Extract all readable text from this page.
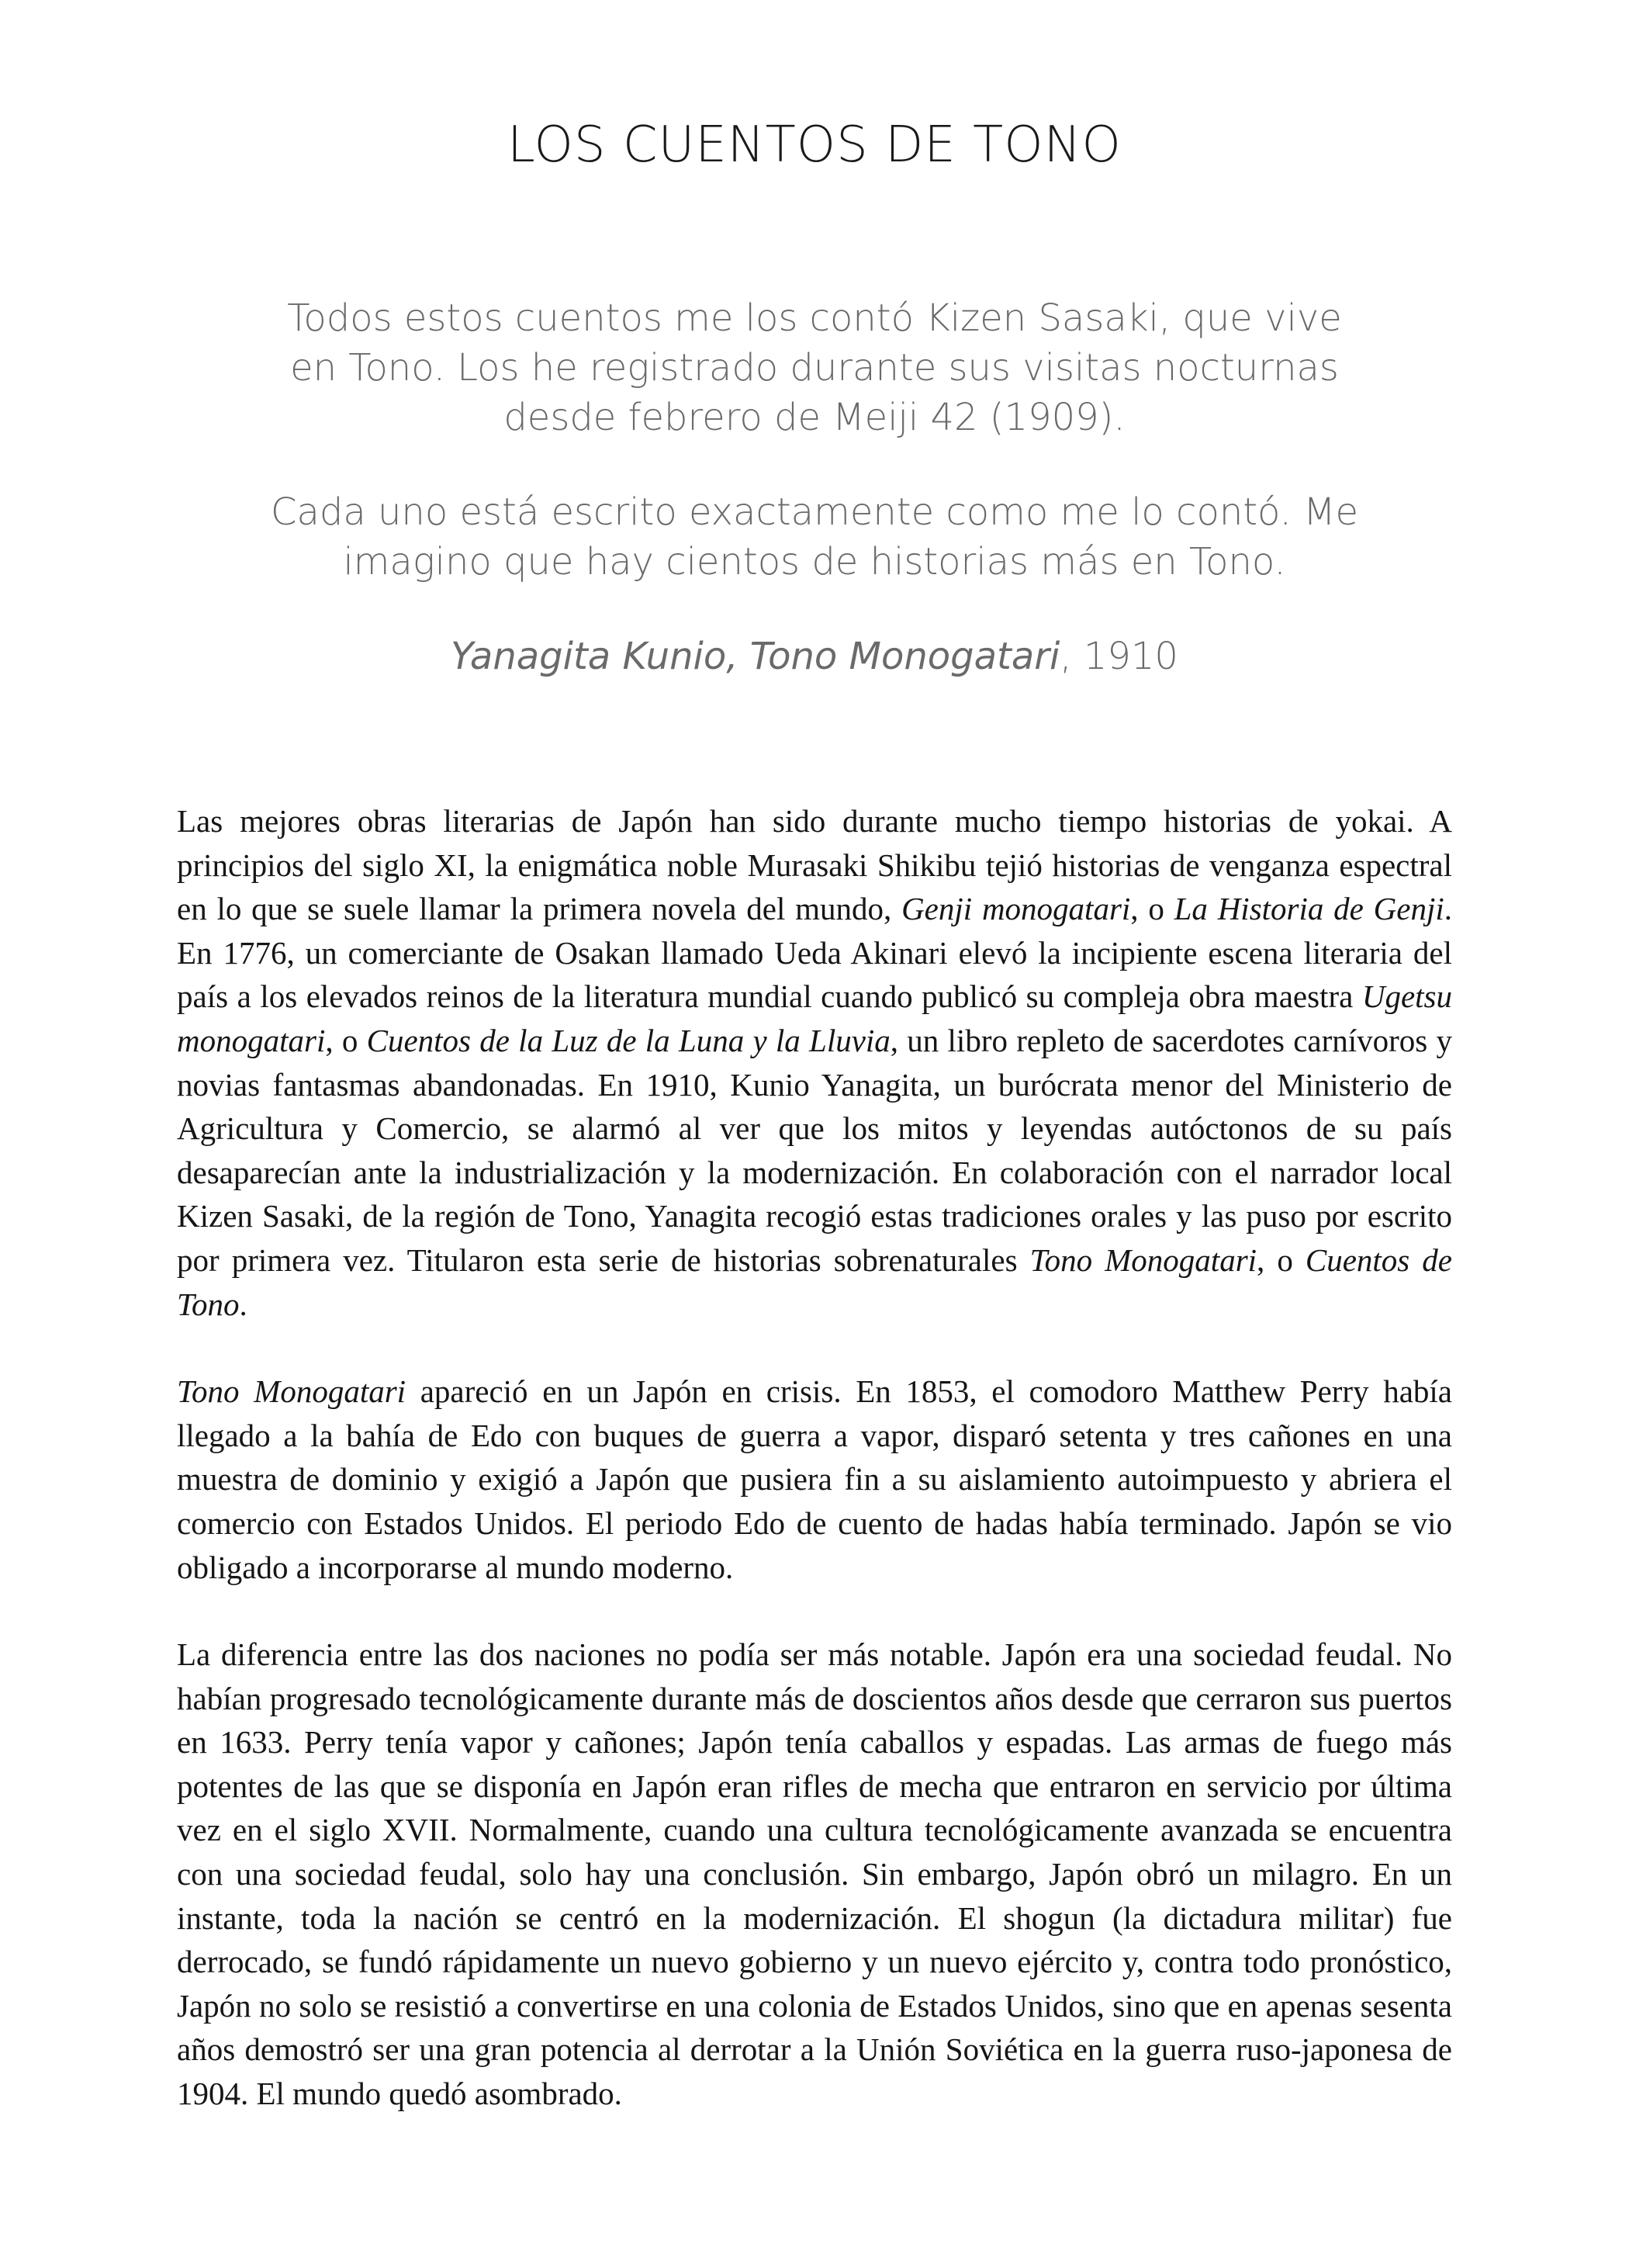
LOS CUENTOS DE TONO

Todos estos cuentos me los contó Kizen Sasaki, que vive en Tono. Los he registrado durante sus visitas nocturnas desde febrero de Meiji 42 (1909).

Cada uno está escrito exactamente como me lo contó. Me imagino que hay cientos de historias más en Tono.

Yanagita Kunio, Tono Monogatari, 1910

Las mejores obras literarias de Japón han sido durante mucho tiempo historias de yokai. A principios del siglo XI, la enigmática noble Murasaki Shikibu tejió historias de venganza espectral en lo que se suele llamar la primera novela del mundo, Genji monogatari, o La Historia de Genji. En 1776, un comerciante de Osakan llamado Ueda Akinari elevó la incipiente escena literaria del país a los elevados reinos de la literatura mundial cuando publicó su compleja obra maestra Ugetsu monogatari, o Cuentos de la Luz de la Luna y la Lluvia, un libro repleto de sacerdotes carnívoros y novias fantasmas abandonadas. En 1910, Kunio Yanagita, un burócrata menor del Ministerio de Agricultura y Comercio, se alarmó al ver que los mitos y leyendas autóctonos de su país desaparecían ante la industrialización y la modernización. En colaboración con el narrador local Kizen Sasaki, de la región de Tono, Yanagita recogió estas tradiciones orales y las puso por escrito por primera vez. Titularon esta serie de historias sobrenaturales Tono Monogatari, o Cuentos de Tono.

Tono Monogatari apareció en un Japón en crisis. En 1853, el comodoro Matthew Perry había llegado a la bahía de Edo con buques de guerra a vapor, disparó setenta y tres cañones en una muestra de dominio y exigió a Japón que pusiera fin a su aislamiento autoimpuesto y abriera el comercio con Estados Unidos. El periodo Edo de cuento de hadas había terminado. Japón se vio obligado a incorporarse al mundo moderno.

La diferencia entre las dos naciones no podía ser más notable. Japón era una sociedad feudal. No habían progresado tecnológicamente durante más de doscientos años desde que cerraron sus puertos en 1633. Perry tenía vapor y cañones; Japón tenía caballos y espadas. Las armas de fuego más potentes de las que se disponía en Japón eran rifles de mecha que entraron en servicio por última vez en el siglo XVII. Normalmente, cuando una cultura tecnológicamente avanzada se encuentra con una sociedad feudal, solo hay una conclusión. Sin embargo, Japón obró un milagro. En un instante, toda la nación se centró en la modernización. El shogun (la dictadura militar) fue derrocado, se fundó rápidamente un nuevo gobierno y un nuevo ejército y, contra todo pronóstico, Japón no solo se resistió a convertirse en una colonia de Estados Unidos, sino que en apenas sesenta años demostró ser una gran potencia al derrotar a la Unión Soviética en la guerra ruso-japonesa de 1904. El mundo quedó asombrado.
